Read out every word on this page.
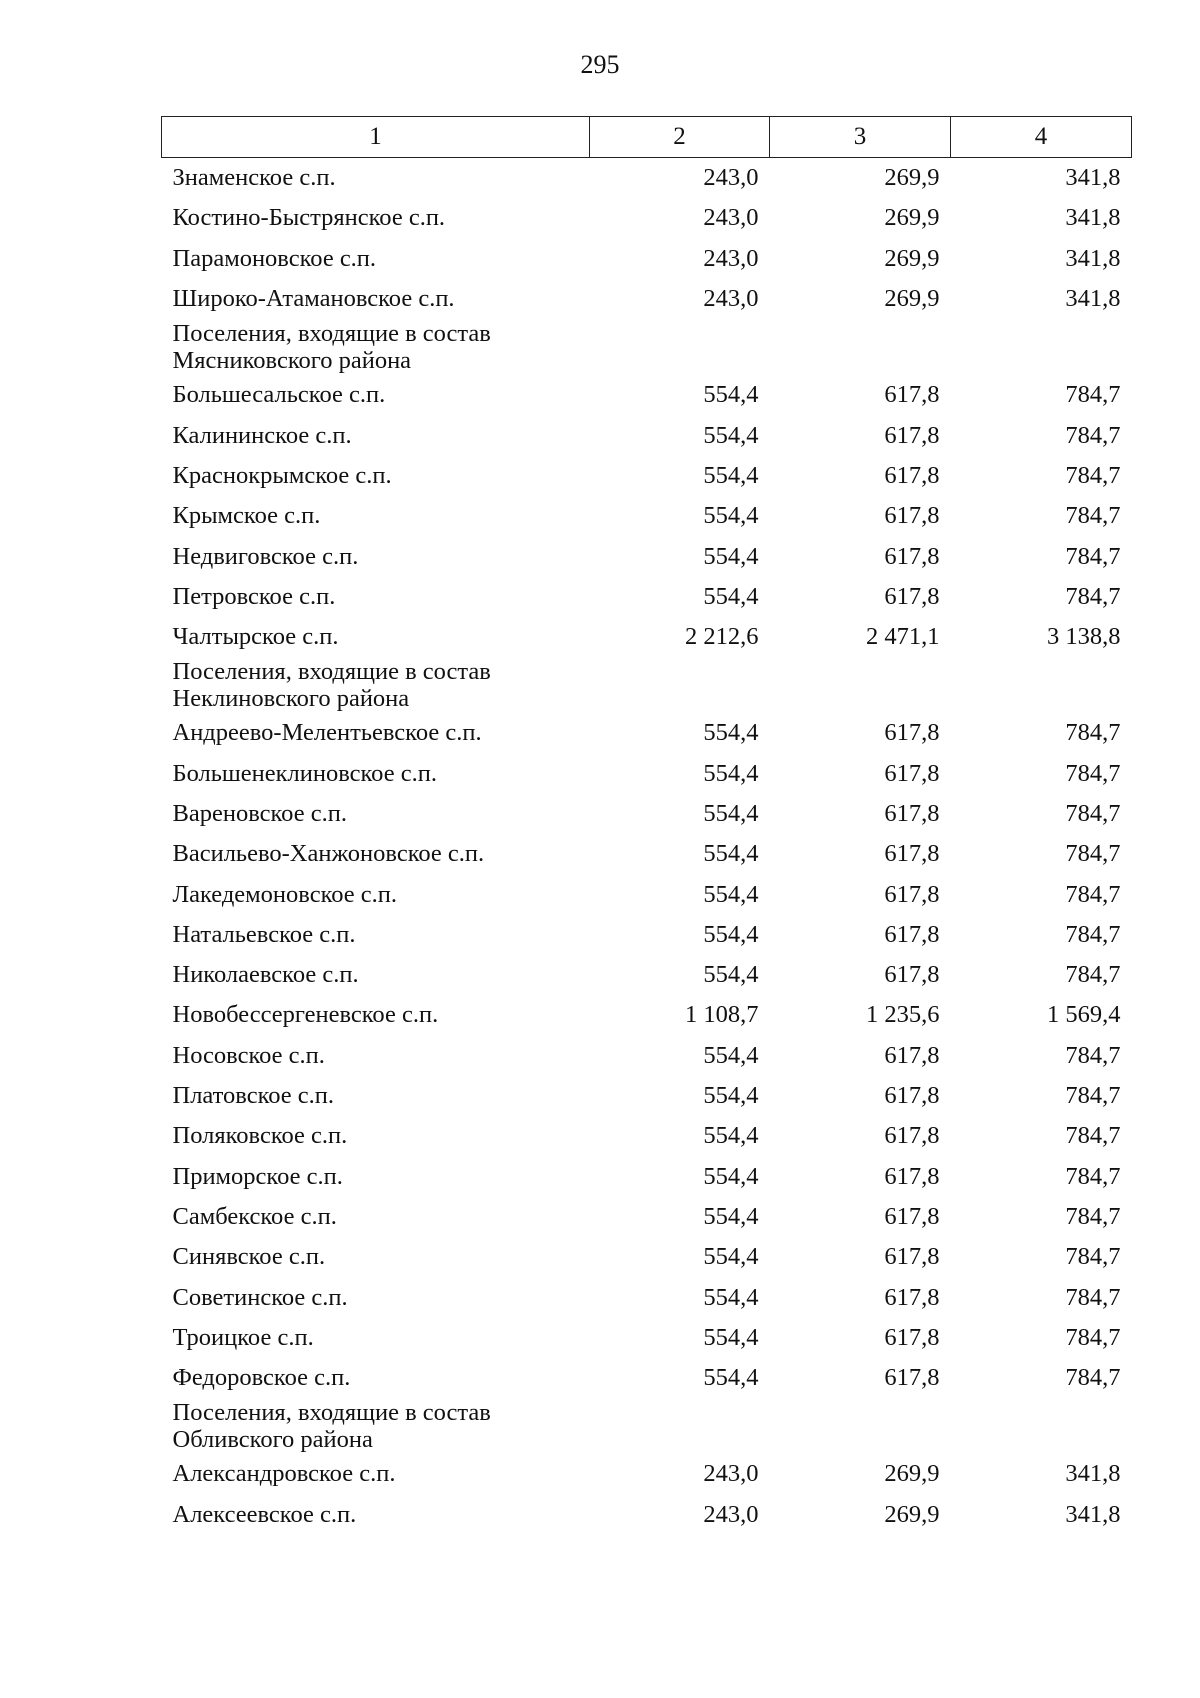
295
1	2	3	4
Знаменское с.п.	243,0	269,9	341,8
Костино-Быстрянское с.п.	243,0	269,9	341,8
Парамоновское с.п.	243,0	269,9	341,8
Широко-Атамановское с.п.	243,0	269,9	341,8

Поселения, входящие в состав
Мясниковского района			

Большесальское с.п.	554,4	617,8	784,7
Калининское с.п.	554,4	617,8	784,7
Краснокрымское с.п.	554,4	617,8	784,7
Крымское с.п.	554,4	617,8	784,7
Недвиговское с.п.	554,4	617,8	784,7
Петровское с.п.	554,4	617,8	784,7
Чалтырское с.п.	2 212,6	2 471,1	3 138,8

Поселения, входящие в состав
Неклиновского района			

Андреево-Мелентьевское с.п.	554,4	617,8	784,7
Большенеклиновское с.п.	554,4	617,8	784,7
Вареновское с.п.	554,4	617,8	784,7
Васильево-Ханжоновское с.п.	554,4	617,8	784,7
Лакедемоновское с.п.	554,4	617,8	784,7
Натальевское с.п.	554,4	617,8	784,7
Николаевское с.п.	554,4	617,8	784,7
Новобессергеневское с.п.	1 108,7	1 235,6	1 569,4
Носовское с.п.	554,4	617,8	784,7
Платовское с.п.	554,4	617,8	784,7
Поляковское с.п.	554,4	617,8	784,7
Приморское с.п.	554,4	617,8	784,7
Самбекское с.п.	554,4	617,8	784,7
Синявское с.п.	554,4	617,8	784,7
Советинское с.п.	554,4	617,8	784,7
Троицкое с.п.	554,4	617,8	784,7
Федоровское с.п.	554,4	617,8	784,7

Поселения, входящие в состав
Обливского района			

Александровское с.п.	243,0	269,9	341,8
Алексеевское с.п.	243,0	269,9	341,8
